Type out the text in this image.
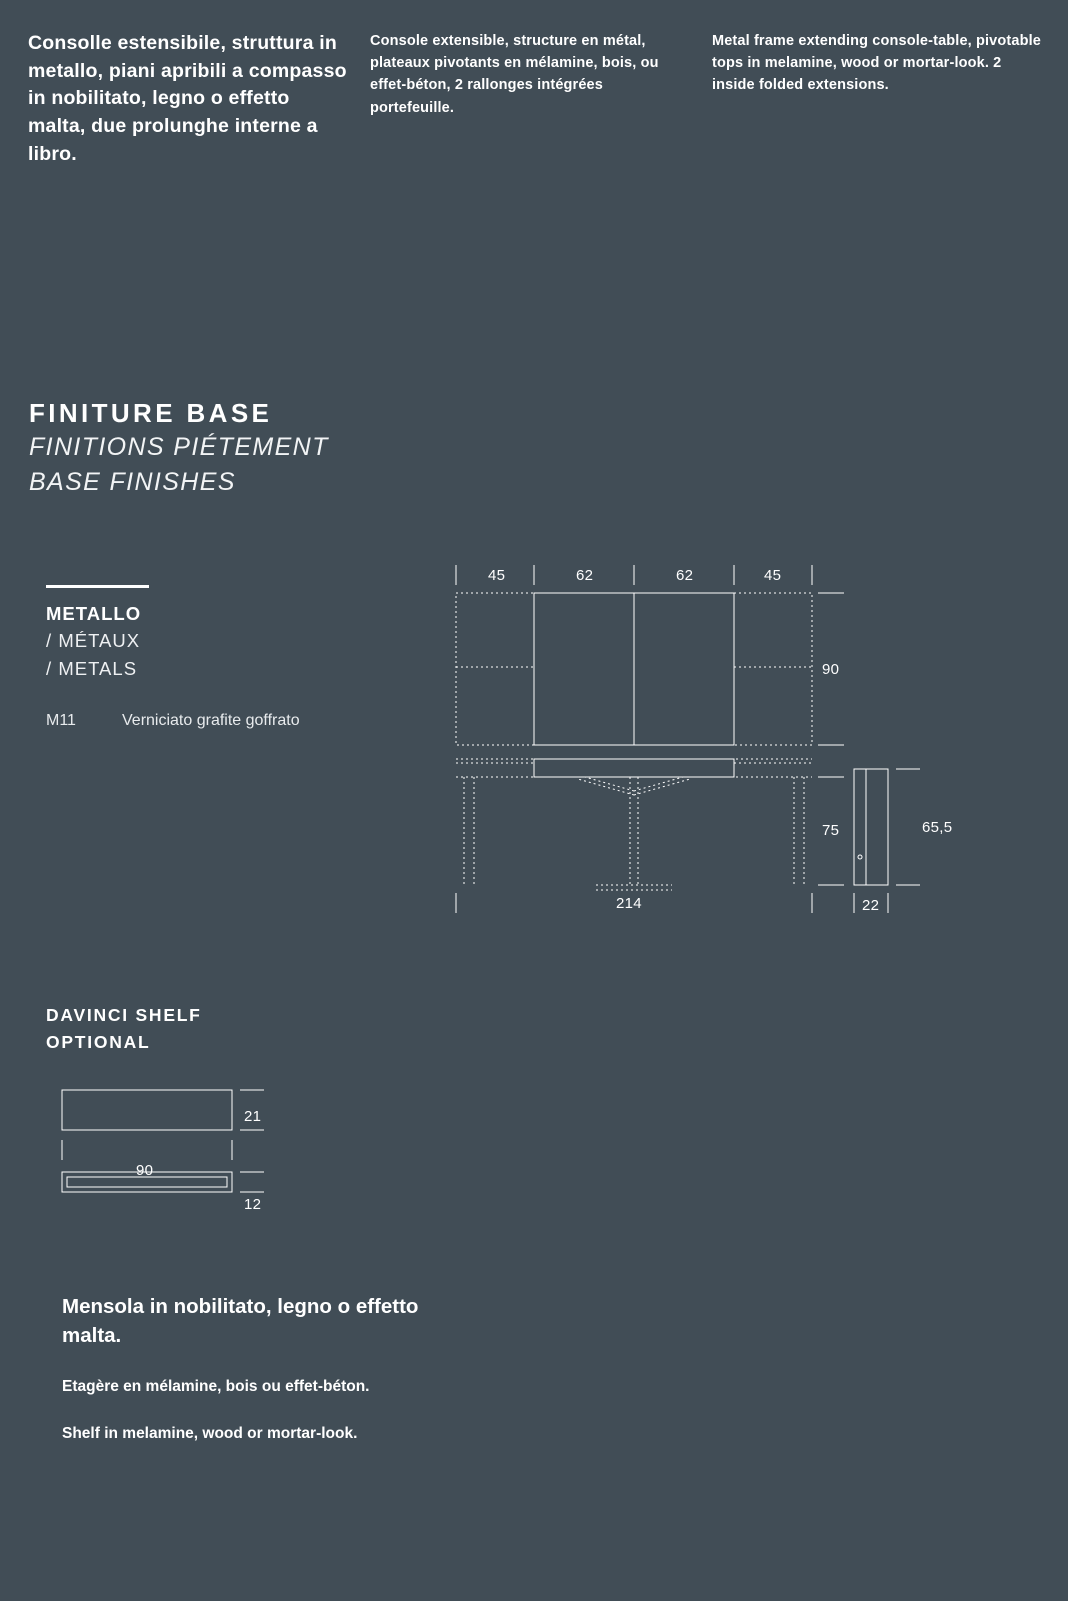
Consolle estensibile, struttura in metallo, piani apribili a compasso in nobilitato, legno o effetto malta, due prolunghe interne a libro.
Console extensible, structure en métal, plateaux pivotants en mélamine, bois, ou effet-béton, 2 rallonges intégrées portefeuille.
Metal frame extending console-table, pivotable tops in melamine, wood or mortar-look. 2 inside folded extensions.
FINITURE BASE
FINITIONS PIÉTEMENT
BASE FINISHES
METALLO
/ MÉTAUX
/ METALS
M11	Verniciato grafite goffrato
45	62	62	45
90
75
214
65,5
22
DAVINCI SHELF
OPTIONAL
21
90
12
Mensola in nobilitato, legno o effetto malta.
Etagère en mélamine, bois ou effet-béton.
Shelf in melamine, wood or mortar-look.
